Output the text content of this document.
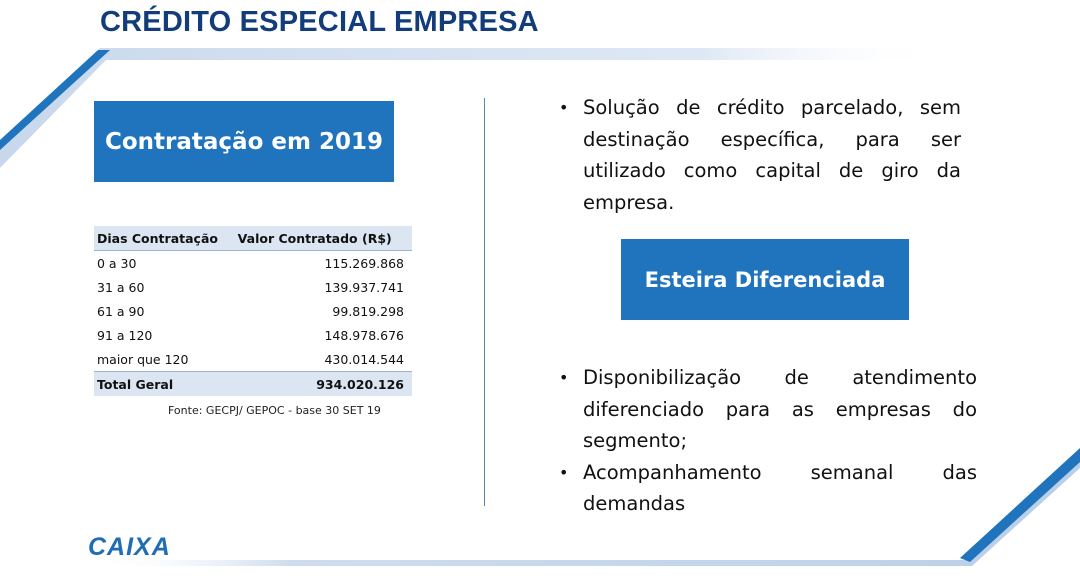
CRÉDITO ESPECIAL EMPRESA
Contratação em 2019
Dias Contratação	Valor Contratado (R$)
0 a 30	115.269.868
31 a 60	139.937.741
61 a 90	99.819.298
91 a 120	148.978.676
maior que 120	430.014.544
Total Geral	934.020.126
Fonte: GECPJ/ GEPOC - base 30 SET 19
• Solução de crédito parcelado, sem destinação específica, para ser utilizado como capital de giro da empresa.
Esteira Diferenciada
• Disponibilização de atendimento diferenciado para as empresas do segmento;
• Acompanhamento semanal das demandas
CAIXA
